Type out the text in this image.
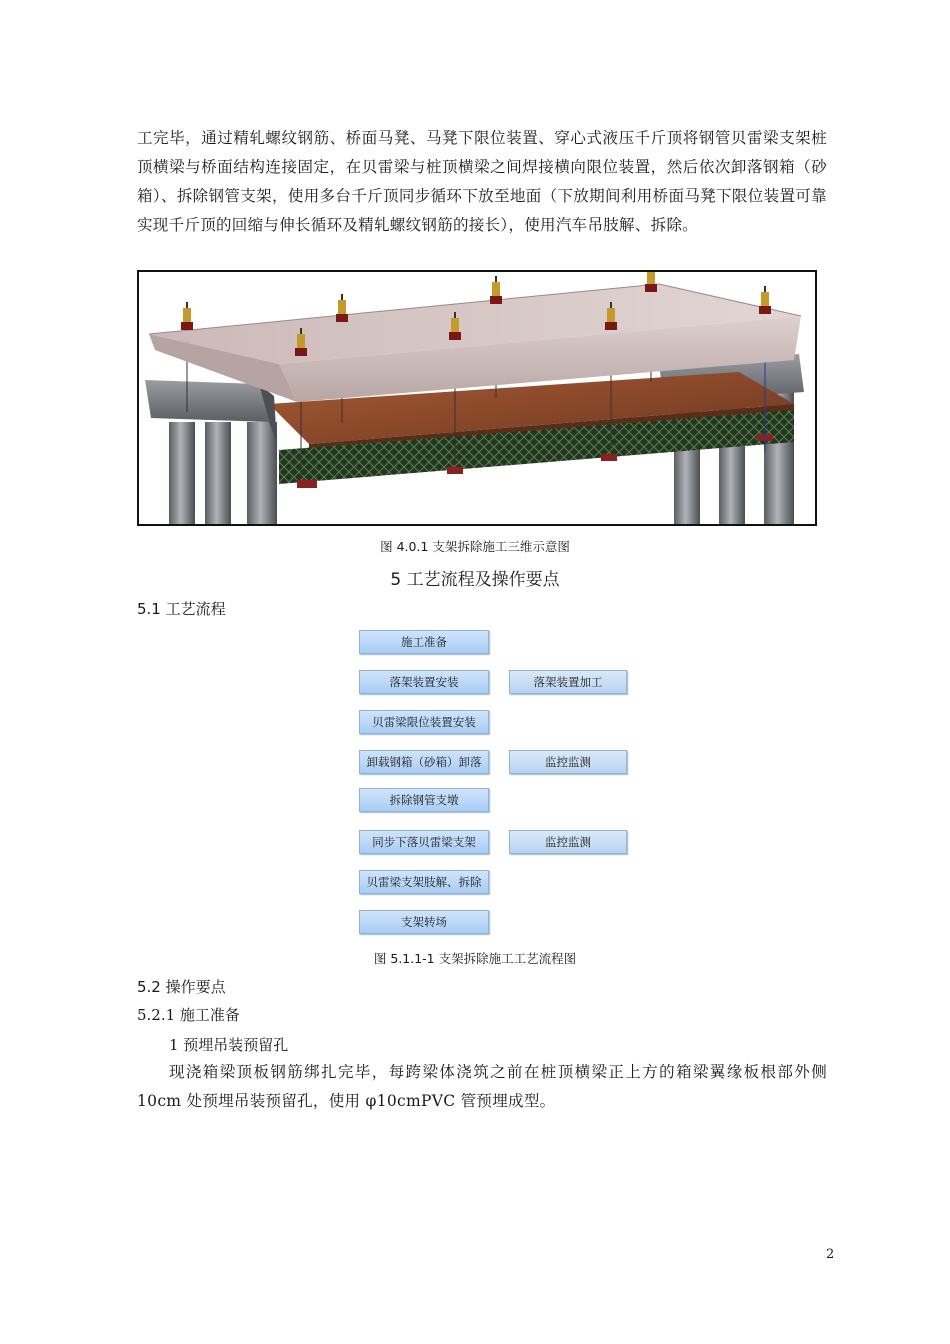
工完毕，通过精轧螺纹钢筋、桥面马凳、马凳下限位装置、穿心式液压千斤顶将钢管贝雷梁支架桩顶横梁与桥面结构连接固定，在贝雷梁与桩顶横梁之间焊接横向限位装置，然后依次卸落钢箱（砂箱）、拆除钢管支架，使用多台千斤顶同步循环下放至地面（下放期间利用桥面马凳下限位装置可靠实现千斤顶的回缩与伸长循环及精轧螺纹钢筋的接长），使用汽车吊肢解、拆除。
图 4.0.1 支架拆除施工三维示意图
5 工艺流程及操作要点
5.1 工艺流程
施工准备
落架装置安装
贝雷梁限位装置安装
卸载钢箱（砂箱）卸落
拆除钢管支墩
同步下落贝雷梁支架
贝雷梁支架肢解、拆除
支架转场
落架装置加工
监控监测
监控监测
图 5.1.1-1 支架拆除施工工艺流程图
5.2 操作要点
5.2.1 施工准备
1 预埋吊装预留孔
现浇箱梁顶板钢筋绑扎完毕，每跨梁体浇筑之前在桩顶横梁正上方的箱梁翼缘板根部外侧 10cm 处预埋吊装预留孔，使用 φ10cmPVC 管预埋成型。
2
